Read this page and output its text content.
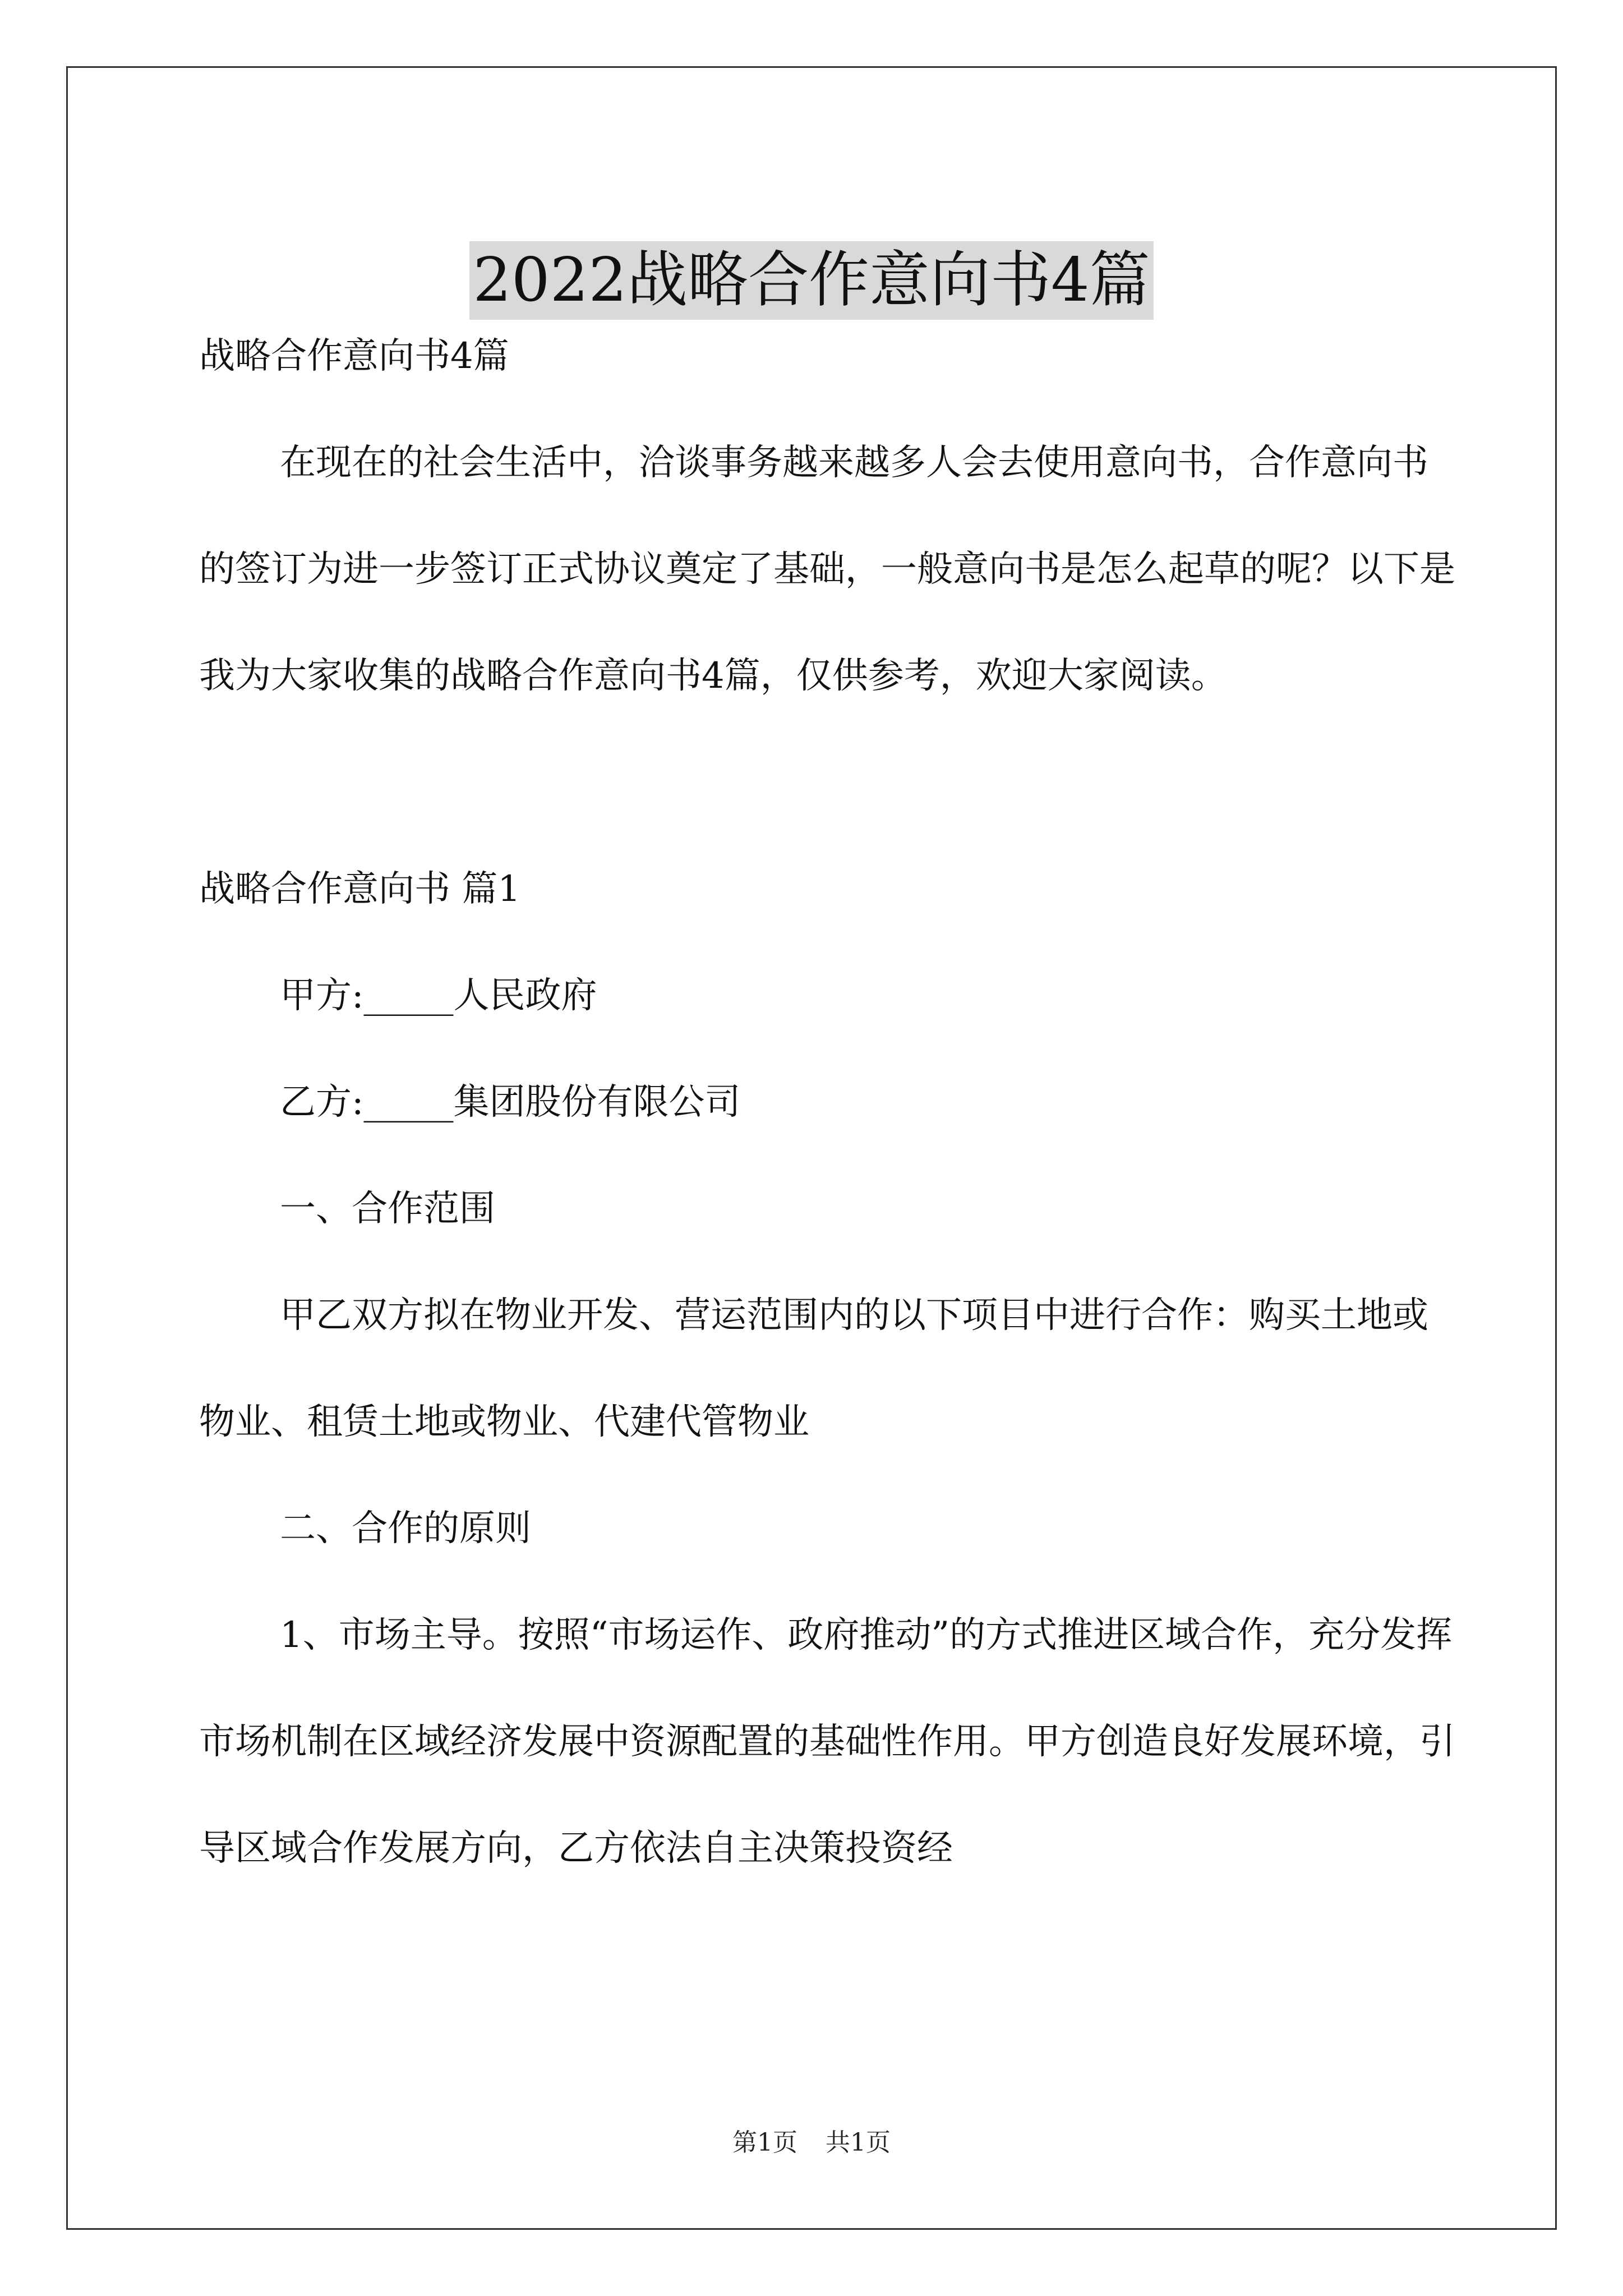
2022战略合作意向书4篇

战略合作意向书4篇

在现在的社会生活中，洽谈事务越来越多人会去使用意向书，合作意向书的签订为进一步签订正式协议奠定了基础，一般意向书是怎么起草的呢？以下是我为大家收集的战略合作意向书4篇，仅供参考，欢迎大家阅读。

战略合作意向书 篇1

甲方:_____人民政府

乙方:_____集团股份有限公司

一、合作范围

甲乙双方拟在物业开发、营运范围内的以下项目中进行合作：购买土地或物业、租赁土地或物业、代建代管物业

二、合作的原则

1、市场主导。按照“市场运作、政府推动”的方式推进区域合作，充分发挥市场机制在区域经济发展中资源配置的基础性作用。甲方创造良好发展环境，引导区域合作发展方向，乙方依法自主决策投资经

第1页 共1页
